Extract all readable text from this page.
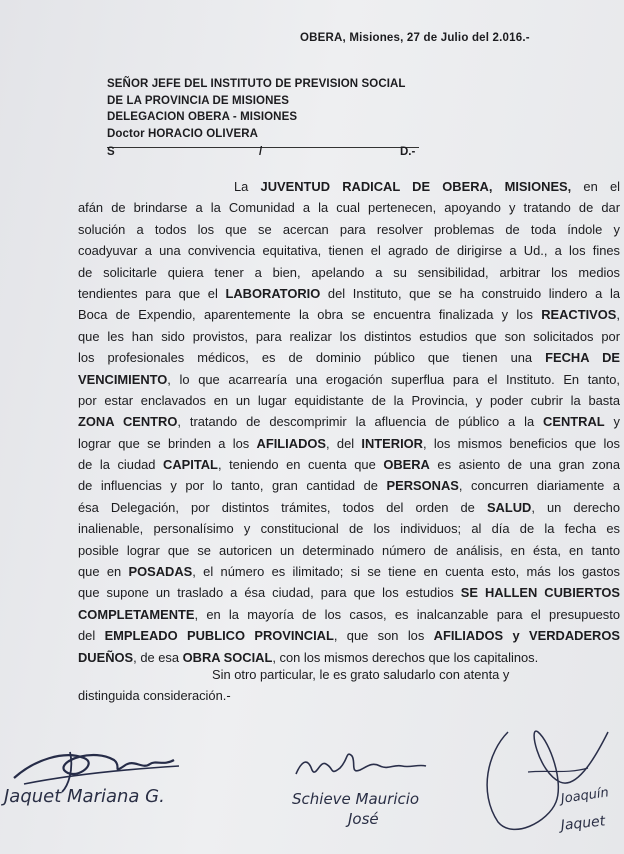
OBERA, Misiones, 27 de Julio del 2.016.-
SEÑOR JEFE DEL INSTITUTO DE PREVISION SOCIAL
DE LA PROVINCIA DE MISIONES
DELEGACION OBERA - MISIONES
Doctor HORACIO OLIVERA
S	/	D.-
La JUVENTUD RADICAL DE OBERA, MISIONES, en el
afán de brindarse a la Comunidad a la cual pertenecen, apoyando y tratando de dar
solución a todos los que se acercan para resolver problemas de toda índole y
coadyuvar a una convivencia equitativa, tienen el agrado de dirigirse a Ud., a los fines
de solicitarle quiera tener a bien, apelando a su sensibilidad, arbitrar los medios
tendientes para que el LABORATORIO del Instituto, que se ha construido lindero a la
Boca de Expendio, aparentemente la obra se encuentra finalizada y los REACTIVOS,
que les han sido provistos, para realizar los distintos estudios que son solicitados por
los profesionales médicos, es de dominio público que tienen una FECHA DE
VENCIMIENTO, lo que acarrearía una erogación superflua para el Instituto. En tanto,
por estar enclavados en un lugar equidistante de la Provincia, y poder cubrir la basta
ZONA CENTRO, tratando de descomprimir la afluencia de público a la CENTRAL y
lograr que se brinden a los AFILIADOS, del INTERIOR, los mismos beneficios que los
de la ciudad CAPITAL, teniendo en cuenta que OBERA es asiento de una gran zona
de influencias y por lo tanto, gran cantidad de PERSONAS, concurren diariamente a
ésa Delegación, por distintos trámites, todos del orden de SALUD, un derecho
inalienable, personalísimo y constitucional de los individuos; al día de la fecha es
posible lograr que se autoricen un determinado número de análisis, en ésta, en tanto
que en POSADAS, el número es ilimitado; si se tiene en cuenta esto, más los gastos
que supone un traslado a ésa ciudad, para que los estudios SE HALLEN CUBIERTOS
COMPLETAMENTE, en la mayoría de los casos, es inalcanzable para el presupuesto
del EMPLEADO PUBLICO PROVINCIAL, que son los AFILIADOS y VERDADEROS
DUEÑOS, de esa OBRA SOCIAL, con los mismos derechos que los capitalinos.
Sin otro particular, le es grato saludarlo con atenta y
distinguida consideración.-
Jaquet Mariana G.	Schieve Mauricio
José
Joaquín
Jaquet
